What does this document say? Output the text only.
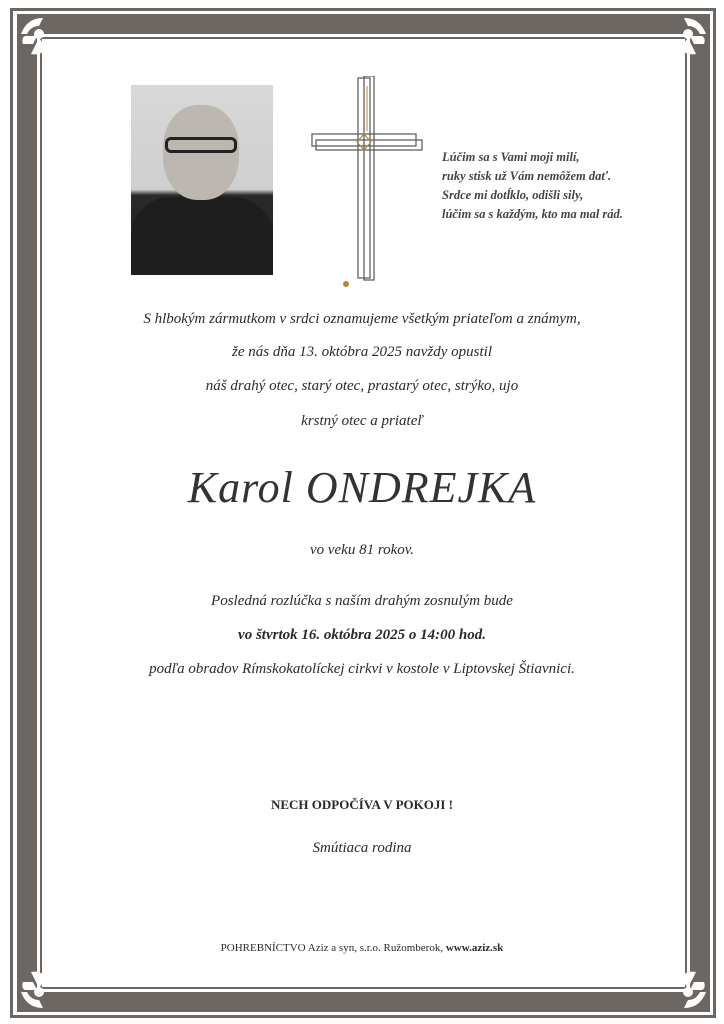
Lúčim sa s Vami moji milí,
ruky stisk už Vám nemôžem dať.
Srdce mi dotĺklo, odišli sily,
lúčim sa s každým, kto ma mal rád.
S hlbokým zármutkom v srdci oznamujeme všetkým priateľom a známym,
že nás dňa 13. októbra 2025 navždy opustil
náš drahý otec, starý otec, prastarý otec, strýko, ujo
krstný otec a priateľ
Karol ONDREJKA
vo veku 81 rokov.
Posledná rozlúčka s naším drahým zosnulým bude
vo štvrtok 16. októbra 2025 o 14:00 hod.
podľa obradov Rímskokatolíckej cirkvi v kostole v Liptovskej Štiavnici.
NECH ODPOČÍVA V POKOJI !
Smútiaca rodina
POHREBNÍCTVO Aziz a syn, s.r.o. Ružomberok, www.aziz.sk
